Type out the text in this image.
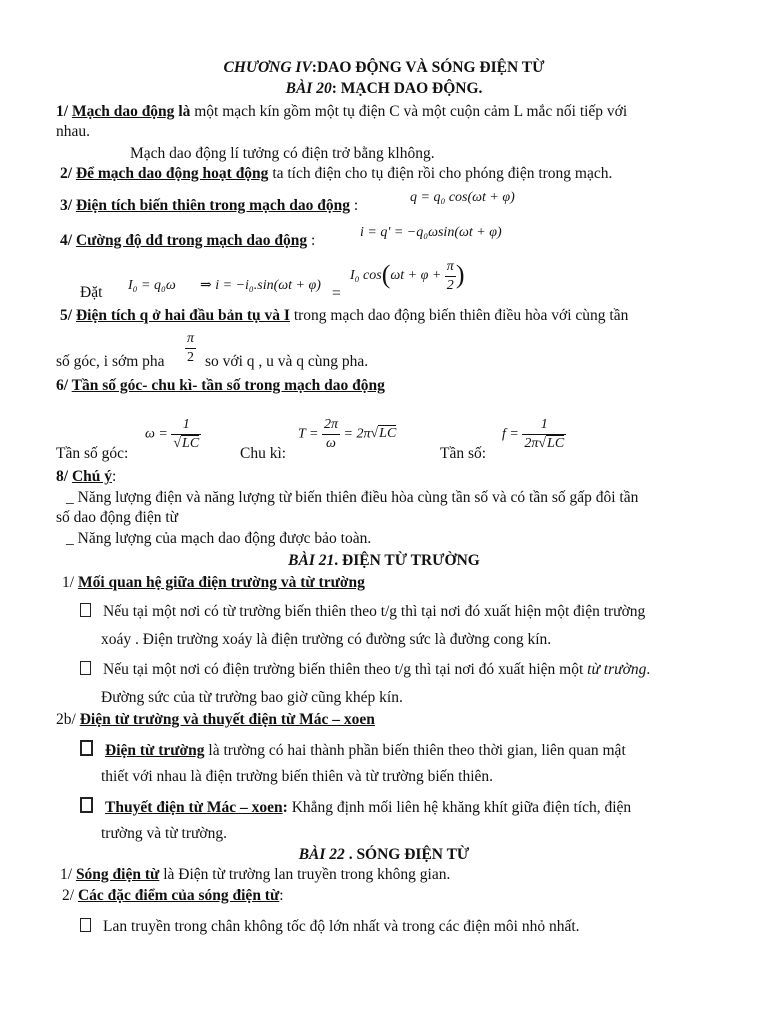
CHƯƠNG IV:DAO ĐỘNG VÀ SÓNG ĐIỆN TỪ
BÀI 20: MẠCH DAO ĐỘNG.
1/ Mạch dao động là một mạch kín gồm một tụ điện C và một cuộn cảm L mắc nối tiếp với
nhau.
Mạch dao động lí tưởng có điện trở bằng klhông.
2/ Để mạch dao động hoạt động ta tích điện cho tụ điện rồi cho phóng điện trong mạch.
3/ Điện tích biến thiên trong mạch dao động :	q = q₀ cos(ωt + φ)
4/ Cường độ dđ trong mạch dao động :	i = q' = −q₀ωsin(ωt + φ)
Đặt I₀ = q₀ω ⇒ i = −i₀.sin(ωt + φ) =
I₀ $\cos(\omega t + \varphi + \frac{\pi}{2}$ )
5/ Điện tích q ở hai đầu bản tụ và I trong mạch dao động biến thiên điều hòa với cùng tần
số góc, i sớm pha $\frac{\pi}{2}$ so với q , u và q cùng pha.
6/ Tần số góc- chu kì- tần số trong mạch dao động
Tần số góc:
$\omega = \frac{1}{√LC}$
Chu kì:
$T = \frac{2\pi}{\omega} = 2\pi√LC$
Tần số:
$f = \frac{1}{2\pi√LC}$
8/ Chú ý:
_ Năng lượng điện và năng lượng từ biến thiên điều hòa cùng tần số và có tần số gấp đôi tần
số dao động điện từ
_ Năng lượng của mạch dao động được bảo toàn.
BÀI 21. ĐIỆN TỪ TRƯỜNG
1/ Mối quan hệ giữa điện trường và từ trường
Nếu tại một nơi có từ trường biến thiên theo t/g thì tại nơi đó xuất hiện một điện trường
xoáy . Điện trường xoáy là điện trường có đường sức là đường cong kín.
Nếu tại một nơi có điện trường biến thiên theo t/g thì tại nơi đó xuất hiện một từ trường.
Đường sức của từ trường bao giờ cũng khép kín.
2b/ Điện từ trường và thuyết điện từ Mác – xoen
Điện từ trường là trường có hai thành phần biến thiên theo thời gian, liên quan mật
thiết với nhau là điện trường biến thiên và từ trường biến thiên.
Thuyết điện từ Mác – xoen: Khẳng định mối liên hệ khăng khít giữa điện tích, điện
trường và từ trường.
BÀI 22 . SÓNG ĐIỆN TỪ
1/ Sóng điện từ là Điện từ trường lan truyền trong không gian.
2/ Các đặc điểm của sóng điện từ:
Lan truyền trong chân không tốc độ lớn nhất và trong các điện môi nhỏ nhất.
